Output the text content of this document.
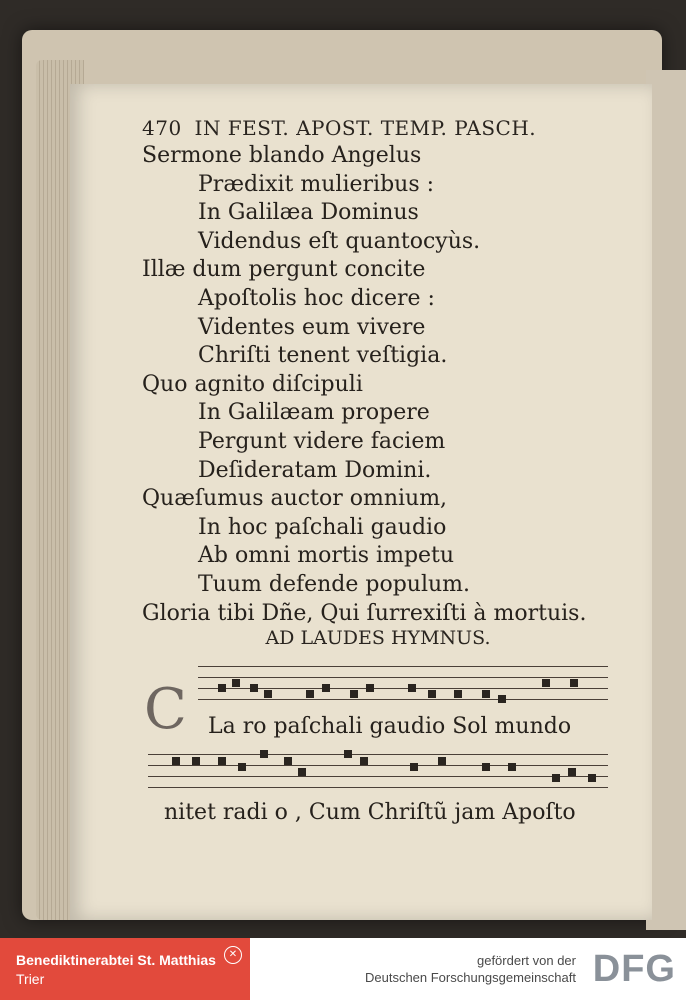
470 IN FEST. APOST. TEMP. PASCH.
Sermone blando Angelus
Prædixit mulieribus :
In Galilæa Dominus
Videndus eſt quantocyùs.
Illæ dum pergunt concite
Apoſtolis hoc dicere :
Videntes eum vivere
Chriſti tenent veſtigia.
Quo agnito diſcipuli
In Galilæam propere
Pergunt videre faciem
Deſideratam Domini.
Quæſumus auctor omnium,
In hoc paſchali gaudio
Ab omni mortis impetu
Tuum defende populum.
Gloria tibi Dñe, Qui ſurrexiſti à mortuis.
AD LAUDES HYMNUS.
C La ro paſchali gaudio Sol mundo
nitet radi o , Cum Chriſtũ jam Apoſto
Benediktinerabtei St. Matthias
Trier
✕	gefördert von der
Deutschen Forschungsgemeinschaft DFG
